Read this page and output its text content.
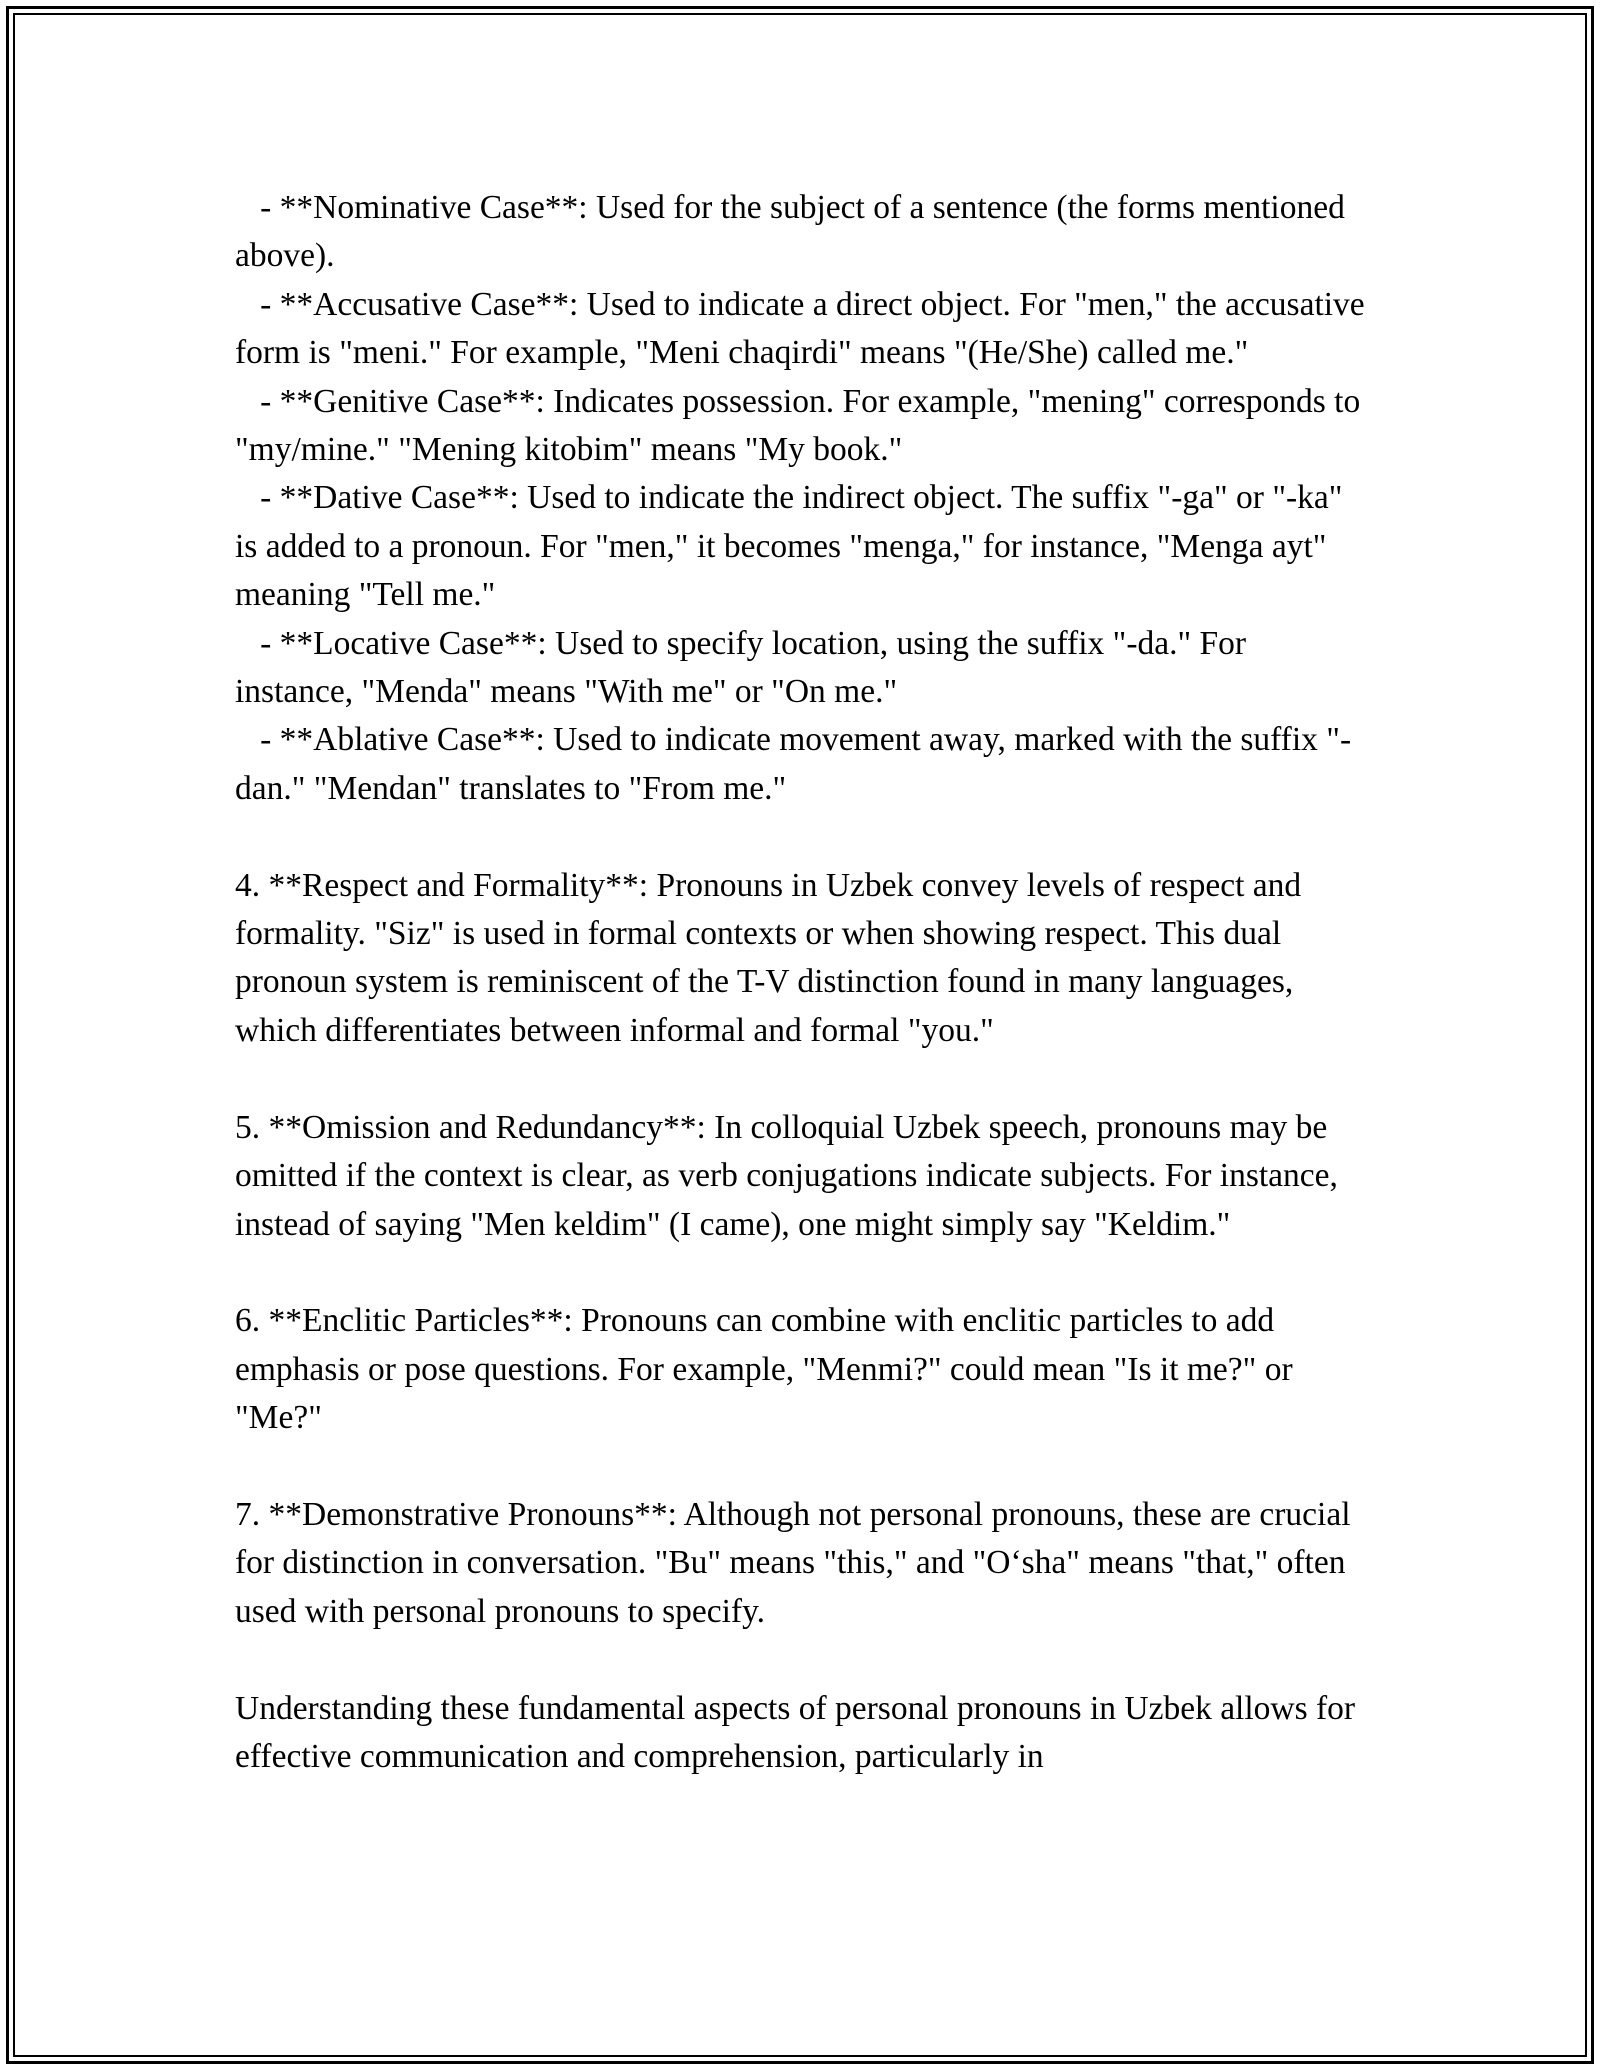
- **Nominative Case**: Used for the subject of a sentence (the forms mentioned above).

- **Accusative Case**: Used to indicate a direct object. For "men," the accusative form is "meni." For example, "Meni chaqirdi" means "(He/She) called me."

- **Genitive Case**: Indicates possession. For example, "mening" corresponds to "my/mine." "Mening kitobim" means "My book."

- **Dative Case**: Used to indicate the indirect object. The suffix "-ga" or "-ka" is added to a pronoun. For "men," it becomes "menga," for instance, "Menga ayt" meaning "Tell me."

- **Locative Case**: Used to specify location, using the suffix "-da." For instance, "Menda" means "With me" or "On me."

- **Ablative Case**: Used to indicate movement away, marked with the suffix "-dan." "Mendan" translates to "From me."

4. **Respect and Formality**: Pronouns in Uzbek convey levels of respect and formality. "Siz" is used in formal contexts or when showing respect. This dual pronoun system is reminiscent of the T-V distinction found in many languages, which differentiates between informal and formal "you."

5. **Omission and Redundancy**: In colloquial Uzbek speech, pronouns may be omitted if the context is clear, as verb conjugations indicate subjects. For instance, instead of saying "Men keldim" (I came), one might simply say "Keldim."

6. **Enclitic Particles**: Pronouns can combine with enclitic particles to add emphasis or pose questions. For example, "Menmi?" could mean "Is it me?" or "Me?"

7. **Demonstrative Pronouns**: Although not personal pronouns, these are crucial for distinction in conversation. "Bu" means "this," and "O‘sha" means "that," often used with personal pronouns to specify.

Understanding these fundamental aspects of personal pronouns in Uzbek allows for effective communication and comprehension, particularly in
